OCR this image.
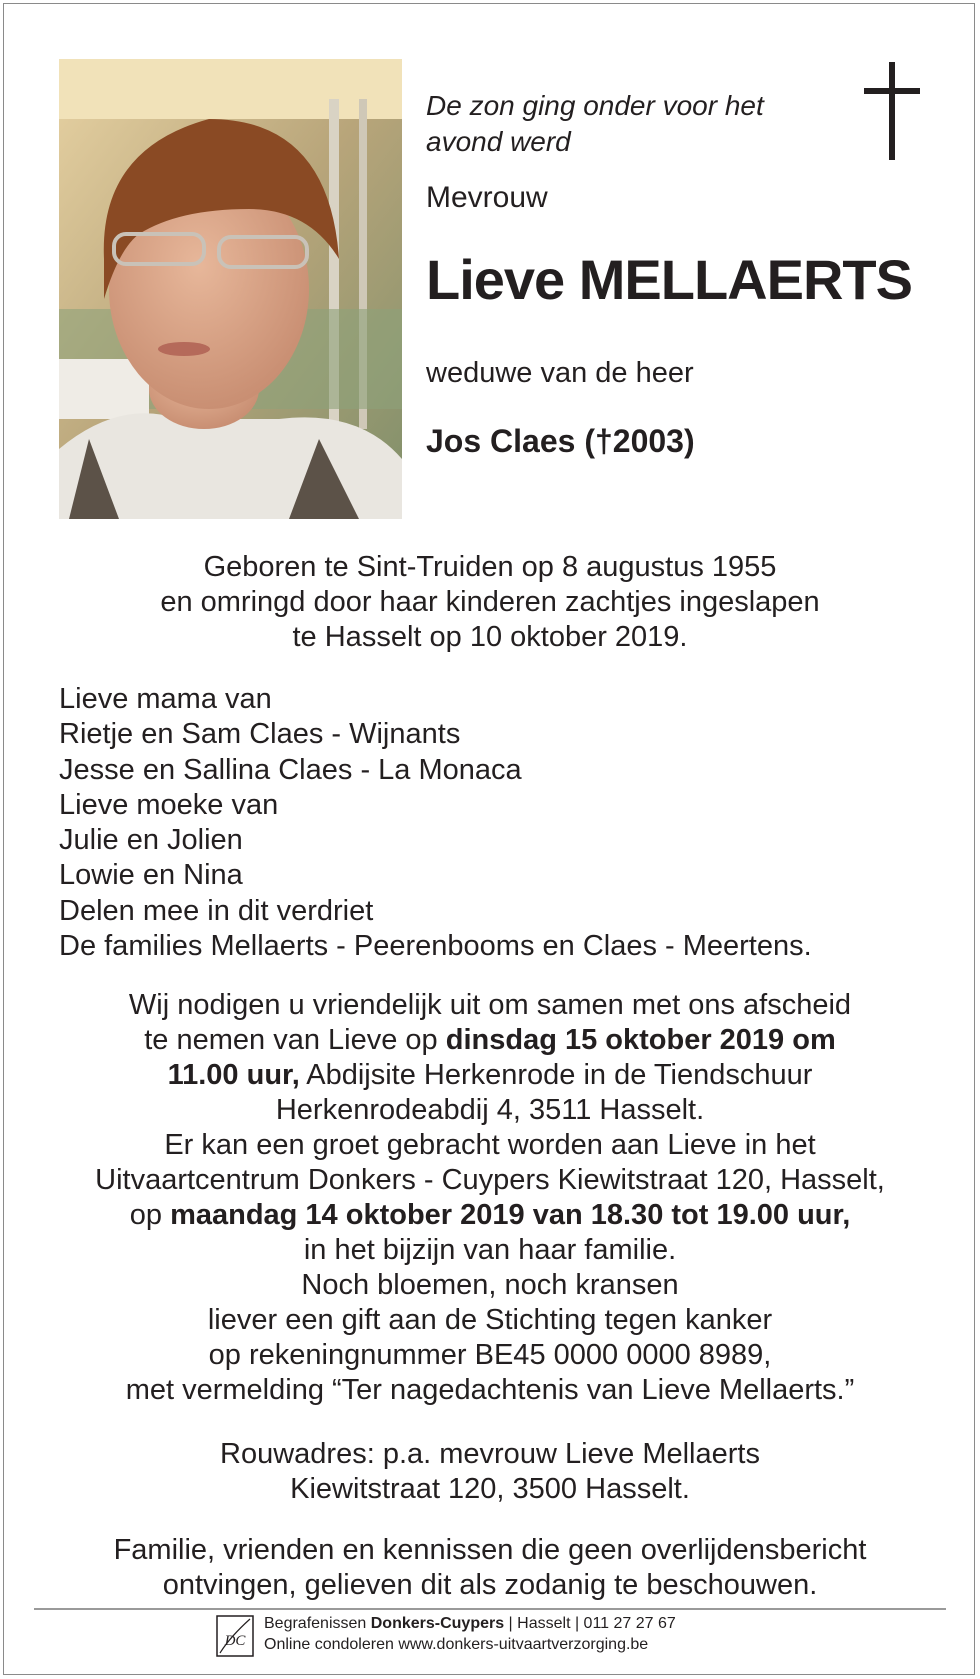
De zon ging onder voor het
avond werd

Mevrouw

Lieve MELLAERTS

weduwe van de heer

Jos Claes (†2003)

Geboren te Sint-Truiden op 8 augustus 1955

en omringd door haar kinderen zachtjes ingeslapen

te Hasselt op 10 oktober 2019.

Lieve mama van

Rietje en Sam Claes - Wijnants

Jesse en Sallina Claes - La Monaca

Lieve moeke van

Julie en Jolien

Lowie en Nina

Delen mee in dit verdriet

De families Mellaerts - Peerenbooms en Claes - Meertens.

Wij nodigen u vriendelijk uit om samen met ons afscheid

te nemen van Lieve op dinsdag 15 oktober 2019 om

11.00 uur, Abdijsite Herkenrode in de Tiendschuur

Herkenrodeabdij 4, 3511 Hasselt.

Er kan een groet gebracht worden aan Lieve in het

Uitvaartcentrum Donkers - Cuypers Kiewitstraat 120, Hasselt,

op maandag 14 oktober 2019 van 18.30 tot 19.00 uur,

in het bijzijn van haar familie.

Noch bloemen, noch kransen

liever een gift aan de Stichting tegen kanker

op rekeningnummer BE45 0000 0000 8989,

met vermelding “Ter nagedachtenis van Lieve Mellaerts.”

Rouwadres: p.a. mevrouw Lieve Mellaerts

Kiewitstraat 120, 3500 Hasselt.

Familie, vrienden en kennissen die geen overlijdensbericht

ontvingen, gelieven dit als zodanig te beschouwen.

DC
Begrafenissen Donkers-Cuypers | Hasselt | 011 27 27 67
Online condoleren www.donkers-uitvaartverzorging.be
